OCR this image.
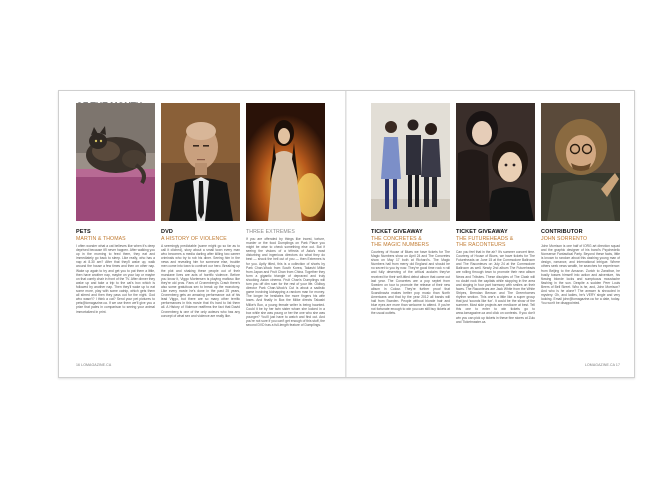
PETS
MARTIN & THOMAS
I often wonder what a cat believes like when it's deep deprived because it'll never happen. After walking you up in the morning to feed them, they eat and immediately go back to sleep. Like really, who has a nap at 8.30 am? After that they'll wake up, walk around the house a few times and then on other nap. Wake up again to try and get you to pat them a little, then have another nap, maybe on your lap or maybe on that comfy chair in front of the TV. After dinner they wake up and take a trip to the cat's box which is followed by another nap. Then they'll wake up to eat some more, play with some catnip, which gets them all stirred and then they pass out for the night. God who wasn't? I think a cat? Send your pet pictures to pets@lomagazine.ca. If we use them we'll give you a prize that pales in comparison to seeing your animal immortalized in print.
DVD
A HISTORY OF VIOLENCE
A seemingly predictable (some might go so far as to call it cliched), story about a small town every man who becomes a media darling after killing two career criminals who try to rob his diner. Seeing him in the news and revealing him for someone else, trouble men come into town to confront our hero. Breaking up the plot and shaking these people out of their mundane lives are acts of horrific violence. Before you know it, Viggo Mortensen is playing mafioso like they're old pros. Fans of Cronenberg's Crash there's also some gratuitous sex to break up the monotony. Like every movie he's done in the past 25 years, Cronenberg gets an amazing performance out of his lead Viggo, but there are so many other terrific performances in this movie that it's hard to list them all. A History of Violence reaffirms the fact that David Cronenberg is one of the only auteurs who has any concept of what sex and violence are really like.
THREE EXTREMES
If you are offended by things like incest, torture, murder or the food Dumplings on Park Place you might be wise to check something else out. But if seeing the visions of a trifecta of Asia's most disturbing and ingenious directors do what they do best — shock the hell out of you — then Extremes is for you. Aptly titled, this is a collection of shorts by Park Chan-Wook from South Korea, Takashi Miike from Japan and Fruit Chan from China. Together they form a gigantic triangle of depraved and truly shocking Asian cinema. Fruit Chan's Dumplings will turn you off dim sum for the rest of your life. Oldboy director Park Chan-Wook's Cut is about a sadistic game involving kidnapping a random man for money. The longer he hesitates the more fingers his wife loses. And finally in Box the Miike directs Takashi Miike's Box, a young female writer is being haunted. Could it be by her twin sister whom she locked in a box while she was young or her the one who she was younger? You'll just have to watch and find out. And you're not sure if you can't get enough of this stuff, the second DVD has a full-length feature of Dumplings.
16 LOMAGAZINE.CA
TICKET GIVEAWAY
THE CONCRETES &
THE MAGIC NUMBERS
Courtesy of House of Blues we have tickets for The Magic Numbers show on April 24 and The Concretes show on May 17 both at Richard's. The Magic Numbers hail from merry old England and should be no secret to you by now. They're good time rock n roll and fully deserving of the critical acclaim they've received for their self-titled debut album that came out last year. The Concretes are a pop septet from Sweden on tour to promote the release of their new album In Colour. They're further proof that Scandinavia makes better pop music than North Americans and that by the year 2012 all bands will hail from Sweden. People without blonde hair and blue eyes are more than welcome to attend. If you're not fortunate enough to win you can still buy tickets at the usual outlets.
TICKET GIVEAWAY
THE FUTUREHEADS &
THE RACONTEURS
Can you feel that in the air? It's summer concert time. Courtesy of House of Blues, we have tickets for The Futureheads on June 15 at the Commodore Ballroom and The Raconteurs on July 24 at the Commodore Ballroom as well. Newly 2nd album The Futureheads are rolling through town to promote their new album News and Tributes. These disciples of The Clash will no doubt rock the capitals while stopping in the area and singing in four part harmony with smiles on their faces. The Raconteurs are Jack White from the White Stripes, Brendan Benson and The Greenhornes rhythm section. This one's a little like a super group that just 'sounds like fun'. It could be the show of the summer. Most side projects are mediocre at best. Tell this one to enter to win tickets go to www.lomagazine.ca and click on contests. If you don't win you can pick up tickets in these fine stores at Zulu and Ticketmaster.ca.
CONTRIBUTOR
JOHN SORRENTO
John Morrison is one half of IORG art direction squad and the graphic designer of his band's Psychedelic Nonsense Fantastical Party. Beyond these facts, little is known to random about this dashing young man of design, romance, and international intrigue. Where others seek news wealth, he searches for experience: from Beijing to the Amazon. Zurich to Zanzibar, he busily tosses himself into action and adventure, his flowing blonde locks and sumptuous moustache flashing in the sun. Despite a sudden Peer Louis Beers of Bell Street. Who is he, and, John Morrison? And who is he alone? The answer is shrouded in mystery. Oh, and ladies, he's VERY single and very looking. Email john@lomagazine.ca for a date, today. You won't be disappointed.
LOMAGAZINE.CA 17
